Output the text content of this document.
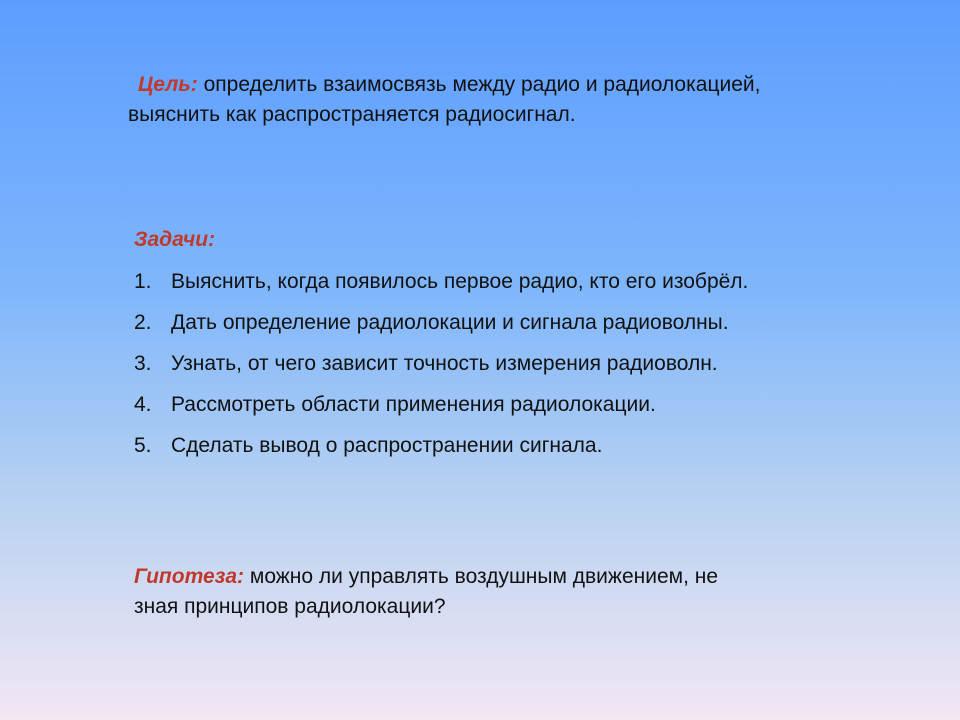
Цель: определить взаимосвязь между радио и радиолокацией,
выяснить как распространяется радиосигнал.
Задачи:
1. Выяснить, когда появилось первое радио, кто его изобрёл.
2. Дать определение радиолокации и сигнала радиоволны.
3. Узнать, от чего зависит точность измерения радиоволн.
4. Рассмотреть области применения радиолокации.
5. Сделать вывод о распространении сигнала.
Гипотеза: можно ли управлять воздушным движением, не
зная принципов радиолокации?
